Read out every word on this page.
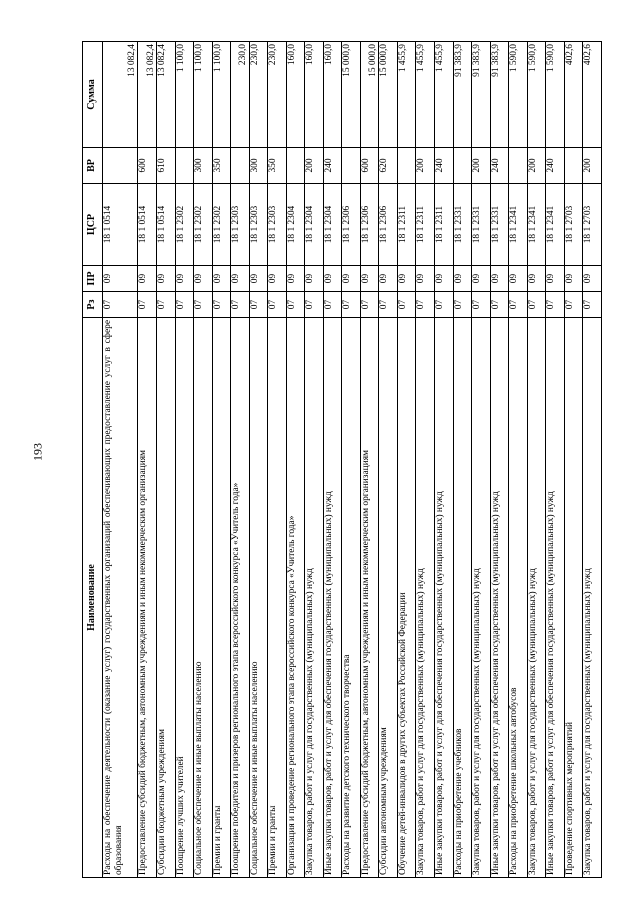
193
Наименование	Рз	ПР	ЦСР	ВР	Сумма
Расходы на обеспечение деятельности (оказание услуг) государственных организаций обеспечивающих предоставление услуг в сфере образования	07	09	18 1 0514		13 082,4
Предоставление субсидий бюджетным, автономным учреждениям и иным некоммерческим организациям	07	09	18 1 0514	600	13 082,4
Субсидии бюджетным учреждениям	07	09	18 1 0514	610	13 082,4
Поощрение лучших учителей	07	09	18 1 2302		1 100,0
Социальное обеспечение и иные выплаты населению	07	09	18 1 2302	300	1 100,0
Премии и гранты	07	09	18 1 2302	350	1 100,0
Поощрение победителя и призеров регионального этапа всероссийского конкурса «Учитель года»	07	09	18 1 2303		230,0
Социальное обеспечение и иные выплаты населению	07	09	18 1 2303	300	230,0
Премии и гранты	07	09	18 1 2303	350	230,0
Организация и проведение регионального этапа всероссийского конкурса «Учитель года»	07	09	18 1 2304		160,0
Закупка товаров, работ и услуг для государственных (муниципальных) нужд	07	09	18 1 2304	200	160,0
Иные закупки товаров, работ и услуг для обеспечения государственных (муниципальных) нужд	07	09	18 1 2304	240	160,0
Расходы на развитие детского технического творчества	07	09	18 1 2306		15 000,0
Предоставление субсидий бюджетным, автономным учреждениям и иным некоммерческим организациям	07	09	18 1 2306	600	15 000,0
Субсидии автономным учреждениям	07	09	18 1 2306	620	15 000,0
Обучение детей-инвалидов в других субъектах Российской Федерации	07	09	18 1 2311		1 455,9
Закупка товаров, работ и услуг для государственных (муниципальных) нужд	07	09	18 1 2311	200	1 455,9
Иные закупки товаров, работ и услуг для обеспечения государственных (муниципальных) нужд	07	09	18 1 2311	240	1 455,9
Расходы на приобретение учебников	07	09	18 1 2331		91 383,9
Закупка товаров, работ и услуг для государственных (муниципальных) нужд	07	09	18 1 2331	200	91 383,9
Иные закупки товаров, работ и услуг для обеспечения государственных (муниципальных) нужд	07	09	18 1 2331	240	91 383,9
Расходы на приобретение школьных автобусов	07	09	18 1 2341		1 590,0
Закупка товаров, работ и услуг для государственных (муниципальных) нужд	07	09	18 1 2341	200	1 590,0
Иные закупки товаров, работ и услуг для обеспечения государственных (муниципальных) нужд	07	09	18 1 2341	240	1 590,0
Проведение спортивных мероприятий	07	09	18 1 2703		402,6
Закупка товаров, работ и услуг для государственных (муниципальных) нужд	07	09	18 1 2703	200	402,6
